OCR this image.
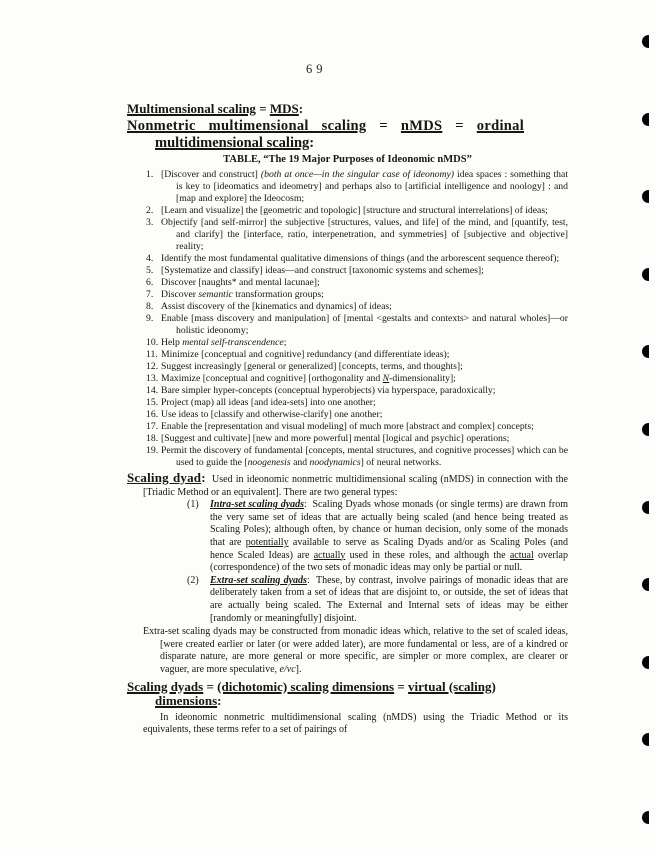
69
Multimensional scaling = MDS:
Nonmetric multimensional scaling = nMDS = ordinal
multidimensional scaling:
TABLE, “The 19 Major Purposes of Ideonomic nMDS”
1. [Discover and construct] (both at once—in the singular case of ideonomy) idea spaces : something that is key to [ideomatics and ideometry] and perhaps also to [artificial intelligence and noology] : and [map and explore] the Ideocosm;
2. [Learn and visualize] the [geometric and topologic] [structure and structural interrelations] of ideas;
3. Objectify [and self-mirror] the subjective [structures, values, and life] of the mind, and [quantify, test, and clarify] the [interface, ratio, interpenetration, and symmetries] of [subjective and objective] reality;
4. Identify the most fundamental qualitative dimensions of things (and the arborescent sequence thereof);
5. [Systematize and classify] ideas—and construct [taxonomic systems and schemes];
6. Discover [naughts* and mental lacunae];
7. Discover semantic transformation groups;
8. Assist discovery of the [kinematics and dynamics] of ideas;
9. Enable [mass discovery and manipulation] of [mental <gestalts and contexts> and natural wholes]—or holistic ideonomy;
10. Help mental self-transcendence;
11. Minimize [conceptual and cognitive] redundancy (and differentiate ideas);
12. Suggest increasingly [general or generalized] [concepts, terms, and thoughts];
13. Maximize [conceptual and cognitive] [orthogonality and N-dimensionality];
14. Bare simpler hyper-concepts (conceptual hyperobjects) via hyperspace, paradoxically;
15. Project (map) all ideas [and idea-sets] into one another;
16. Use ideas to [classify and otherwise-clarify] one another;
17. Enable the [representation and visual modeling] of much more [abstract and complex] concepts;
18. [Suggest and cultivate] [new and more powerful] mental [logical and psychic] operations;
19. Permit the discovery of fundamental [concepts, mental structures, and cognitive processes] which can be used to guide the [noogenesis and noodynamics] of neural networks.
Scaling dyad:  Used in ideonomic nonmetric multidimensional scaling (nMDS) in connection with the [Triadic Method or an equivalent]. There are two general types:
(1) Intra-set scaling dyads:  Scaling Dyads whose monads (or single terms) are drawn from the very same set of ideas that are actually being scaled (and hence being treated as Scaling Poles); although often, by chance or human decision, only some of the monads that are potentially available to serve as Scaling Dyads and/or as Scaling Poles (and hence Scaled Ideas) are actually used in these roles, and although the actual overlap (correspondence) of the two sets of monadic ideas may only be partial or null.
(2) Extra-set scaling dyads:  These, by contrast, involve pairings of monadic ideas that are deliberately taken from a set of ideas that are disjoint to, or outside, the set of ideas that are actually being scaled. The External and Internal sets of ideas may be either [randomly or meaningfully] disjoint.
Extra-set scaling dyads may be constructed from monadic ideas which, relative to the set of scaled ideas, [were created earlier or later (or were added later), are more fundamental or less, are of a kindred or disparate nature, are more general or more specific, are simpler or more complex, are clearer or vaguer, are more speculative, e/vc].
Scaling dyads = (dichotomic) scaling dimensions = virtual (scaling)
dimensions:
In ideonomic nonmetric multidimensional scaling (nMDS) using the Triadic Method or its equivalents, these terms refer to a set of pairings of
